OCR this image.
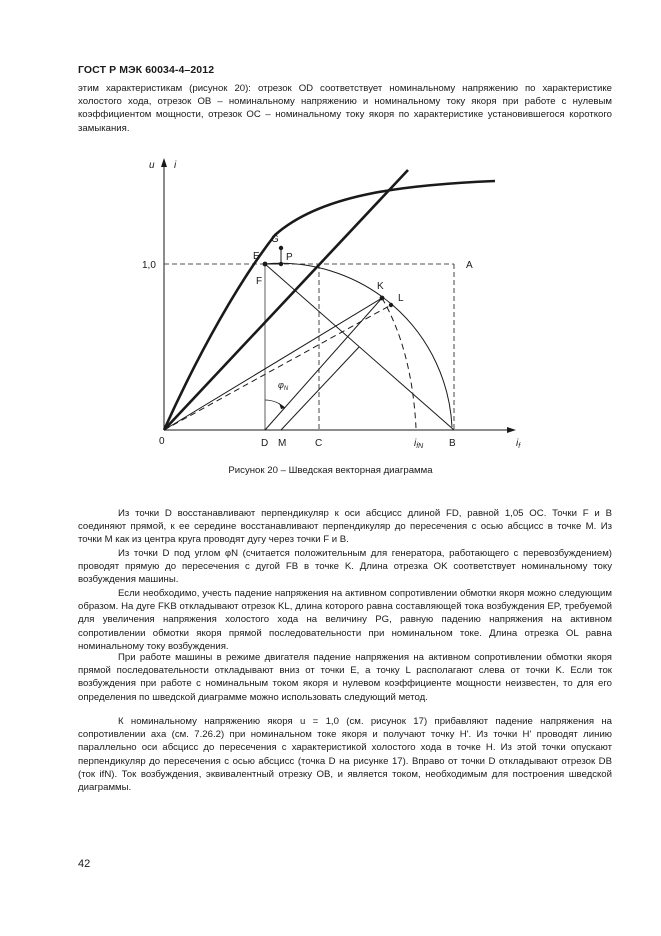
ГОСТ Р МЭК 60034-4–2012

этим характеристикам (рисунок 20): отрезок OD соответствует номинальному напряжению по характеристике холостого хода, отрезок OB – номинальному напряжению и номинальному току якоря при работе с нулевым коэффициентом мощности, отрезок OC – номинальному току якоря по характеристике установившегося короткого замыкания.

u i
1,0
0
E
F
G
P
A
K
L
$\varphi_N$
D M	C	$i_{fN}$	B	$i_f$
Рисунок 20 – Шведская векторная диаграмма

Из точки D восстанавливают перпендикуляр к оси абсцисс длиной FD, равной 1,05 OC. Точки F и B соединяют прямой, к ее середине восстанавливают перпендикуляр до пересечения с осью абсцисс в точке M. Из точки M как из центра круга проводят дугу через точки F и B.

Из точки D под углом φN (считается положительным для генератора, работающего с перевозбуждением) проводят прямую до пересечения с дугой FB в точке K. Длина отрезка OK соответствует номинальному току возбуждения машины.

Если необходимо, учесть падение напряжения на активном сопротивлении обмотки якоря можно следующим образом. На дуге FKB откладывают отрезок KL, длина которого равна составляющей тока возбуждения EP, требуемой для увеличения напряжения холостого хода на величину PG, равную падению напряжения на активном сопротивлении обмотки якоря прямой последовательности при номинальном токе. Длина отрезка OL равна номинальному току возбуждения.

При работе машины в режиме двигателя падение напряжения на активном сопротивлении обмотки якоря прямой последовательности откладывают вниз от точки E, а точку L располагают слева от точки K. Если ток возбуждения при работе с номинальным током якоря и нулевом коэффициенте мощности неизвестен, то для его определения по шведской диаграмме можно использовать следующий метод.

К номинальному напряжению якоря u = 1,0 (см. рисунок 17) прибавляют падение напряжения на сопротивлении axa (см. 7.26.2) при номинальном токе якоря и получают точку H'. Из точки H' проводят линию параллельно оси абсцисс до пересечения с характеристикой холостого хода в точке H. Из этой точки опускают перпендикуляр до пересечения с осью абсцисс (точка D на рисунке 17). Вправо от точки D откладывают отрезок DB (ток ifN). Ток возбуждения, эквивалентный отрезку OB, и является током, необходимым для построения шведской диаграммы.

42
